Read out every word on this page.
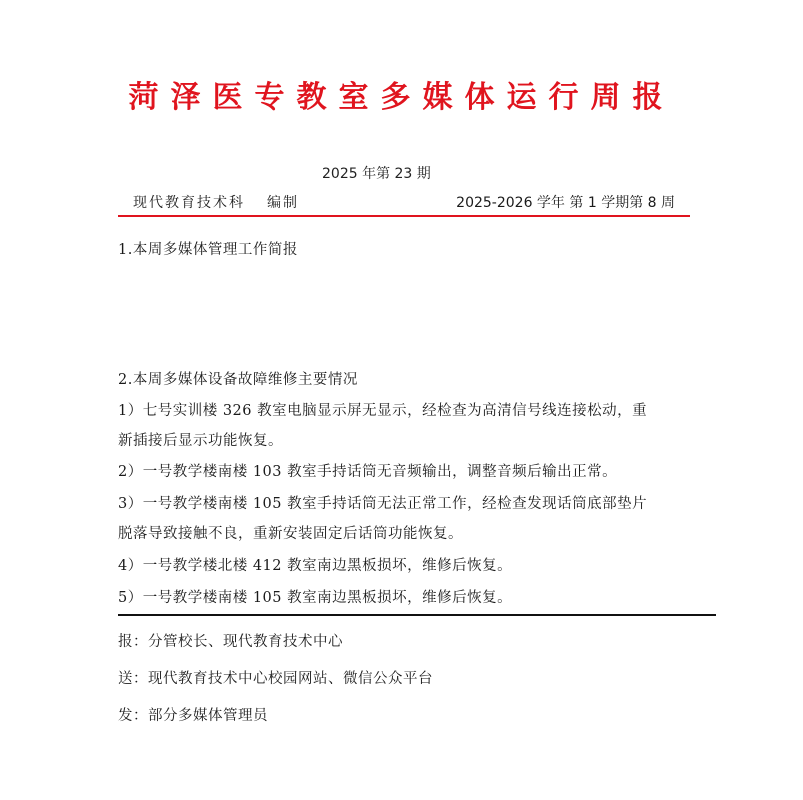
菏泽医专教室多媒体运行周报
2025 年第 23 期
现代教育技术科 编制	2025-2026 学年 第 1 学期第 8 周
1.本周多媒体管理工作简报
2.本周多媒体设备故障维修主要情况
1）七号实训楼 326 教室电脑显示屏无显示，经检查为高清信号线连接松动，重
新插接后显示功能恢复。
2）一号教学楼南楼 103 教室手持话筒无音频输出，调整音频后输出正常。
3）一号教学楼南楼 105 教室手持话筒无法正常工作，经检查发现话筒底部垫片
脱落导致接触不良，重新安装固定后话筒功能恢复。
4）一号教学楼北楼 412 教室南边黑板损坏，维修后恢复。
5）一号教学楼南楼 105 教室南边黑板损坏，维修后恢复。
报：分管校长、现代教育技术中心
送：现代教育技术中心校园网站、微信公众平台
发：部分多媒体管理员
